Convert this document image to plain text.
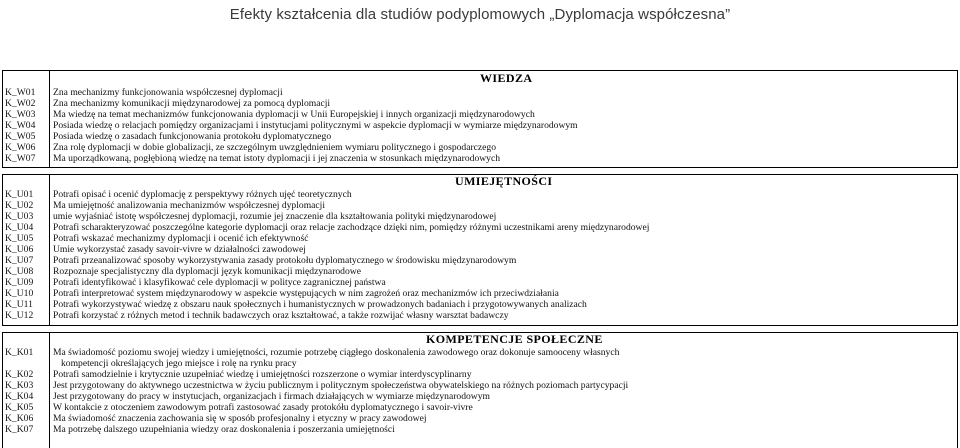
Efekty kształcenia dla studiów podyplomowych „Dyplomacja współczesna”
K_W01
K_W02
K_W03
K_W04
K_W05
K_W06
K_W07
WIEDZA
Zna mechanizmy funkcjonowania współczesnej dyplomacji
Zna mechanizmy komunikacji międzynarodowej za pomocą dyplomacji
Ma wiedzę na temat mechanizmów funkcjonowania dyplomacji w Unii Europejskiej i innych organizacji międzynarodowych
Posiada wiedzę o relacjach pomiędzy organizacjami i instytucjami politycznymi w aspekcie dyplomacji w wymiarze międzynarodowym
Posiada wiedzę o zasadach funkcjonowania protokołu dyplomatycznego
Zna rolę dyplomacji w dobie globalizacji, ze szczególnym uwzględnieniem wymiaru politycznego i gospodarczego
Ma uporządkowaną, pogłębioną wiedzę na temat istoty dyplomacji i jej znaczenia w stosunkach międzynarodowych
K_U01
K_U02
K_U03
K_U04
K_U05
K_U06
K_U07
K_U08
K_U09
K_U10
K_U11
K_U12
UMIEJĘTNOŚCI
Potrafi opisać i ocenić dyplomację z perspektywy różnych ujęć teoretycznych
Ma umiejętność analizowania mechanizmów współczesnej dyplomacji
umie wyjaśniać istotę współczesnej dyplomacji, rozumie jej znaczenie dla kształtowania polityki międzynarodowej
Potrafi scharakteryzować poszczególne kategorie dyplomacji oraz relacje zachodzące dzięki nim, pomiędzy różnymi uczestnikami areny międzynarodowej
Potrafi wskazać mechanizmy dyplomacji i ocenić ich efektywność
Umie wykorzystać zasady savoir-vivre w działalności zawodowej
Potrafi przeanalizować sposoby wykorzystywania zasady protokołu dyplomatycznego w środowisku międzynarodowym
Rozpoznaje specjalistyczny dla dyplomacji język komunikacji międzynarodowe
Potrafi identyfikować i klasyfikować cele dyplomacji w polityce zagranicznej państwa
Potrafi interpretować system międzynarodowy w aspekcie występujących w nim zagrożeń oraz mechanizmów ich przeciwdziałania
Potrafi wykorzystywać wiedzę z obszaru nauk społecznych i humanistycznych w prowadzonych badaniach i przygotowywanych analizach
Potrafi korzystać z różnych metod i technik badawczych oraz kształtować, a także rozwijać własny warsztat badawczy
K_K01

K_K02
K_K03
K_K04
K_K05
K_K06
K_K07
KOMPETENCJE SPOŁECZNE
Ma świadomość poziomu swojej wiedzy i umiejętności, rozumie potrzebę ciągłego doskonalenia zawodowego oraz dokonuje samooceny własnych
kompetencji określających jego miejsce i rolę na rynku pracy
Potrafi samodzielnie i krytycznie uzupełniać wiedzę i umiejętności rozszerzone o wymiar interdyscyplinarny
Jest przygotowany do aktywnego uczestnictwa w życiu publicznym i politycznym społeczeństwa obywatelskiego na różnych poziomach partycypacji
Jest przygotowany do pracy w instytucjach, organizacjach i firmach działających w wymiarze międzynarodowym
W kontakcie z otoczeniem zawodowym potrafi zastosować zasady protokółu dyplomatycznego i savoir-vivre
Ma świadomość znaczenia zachowania się w sposób profesjonalny i etyczny w pracy zawodowej
Ma potrzebę dalszego uzupełniania wiedzy oraz doskonalenia i poszerzania umiejętności
